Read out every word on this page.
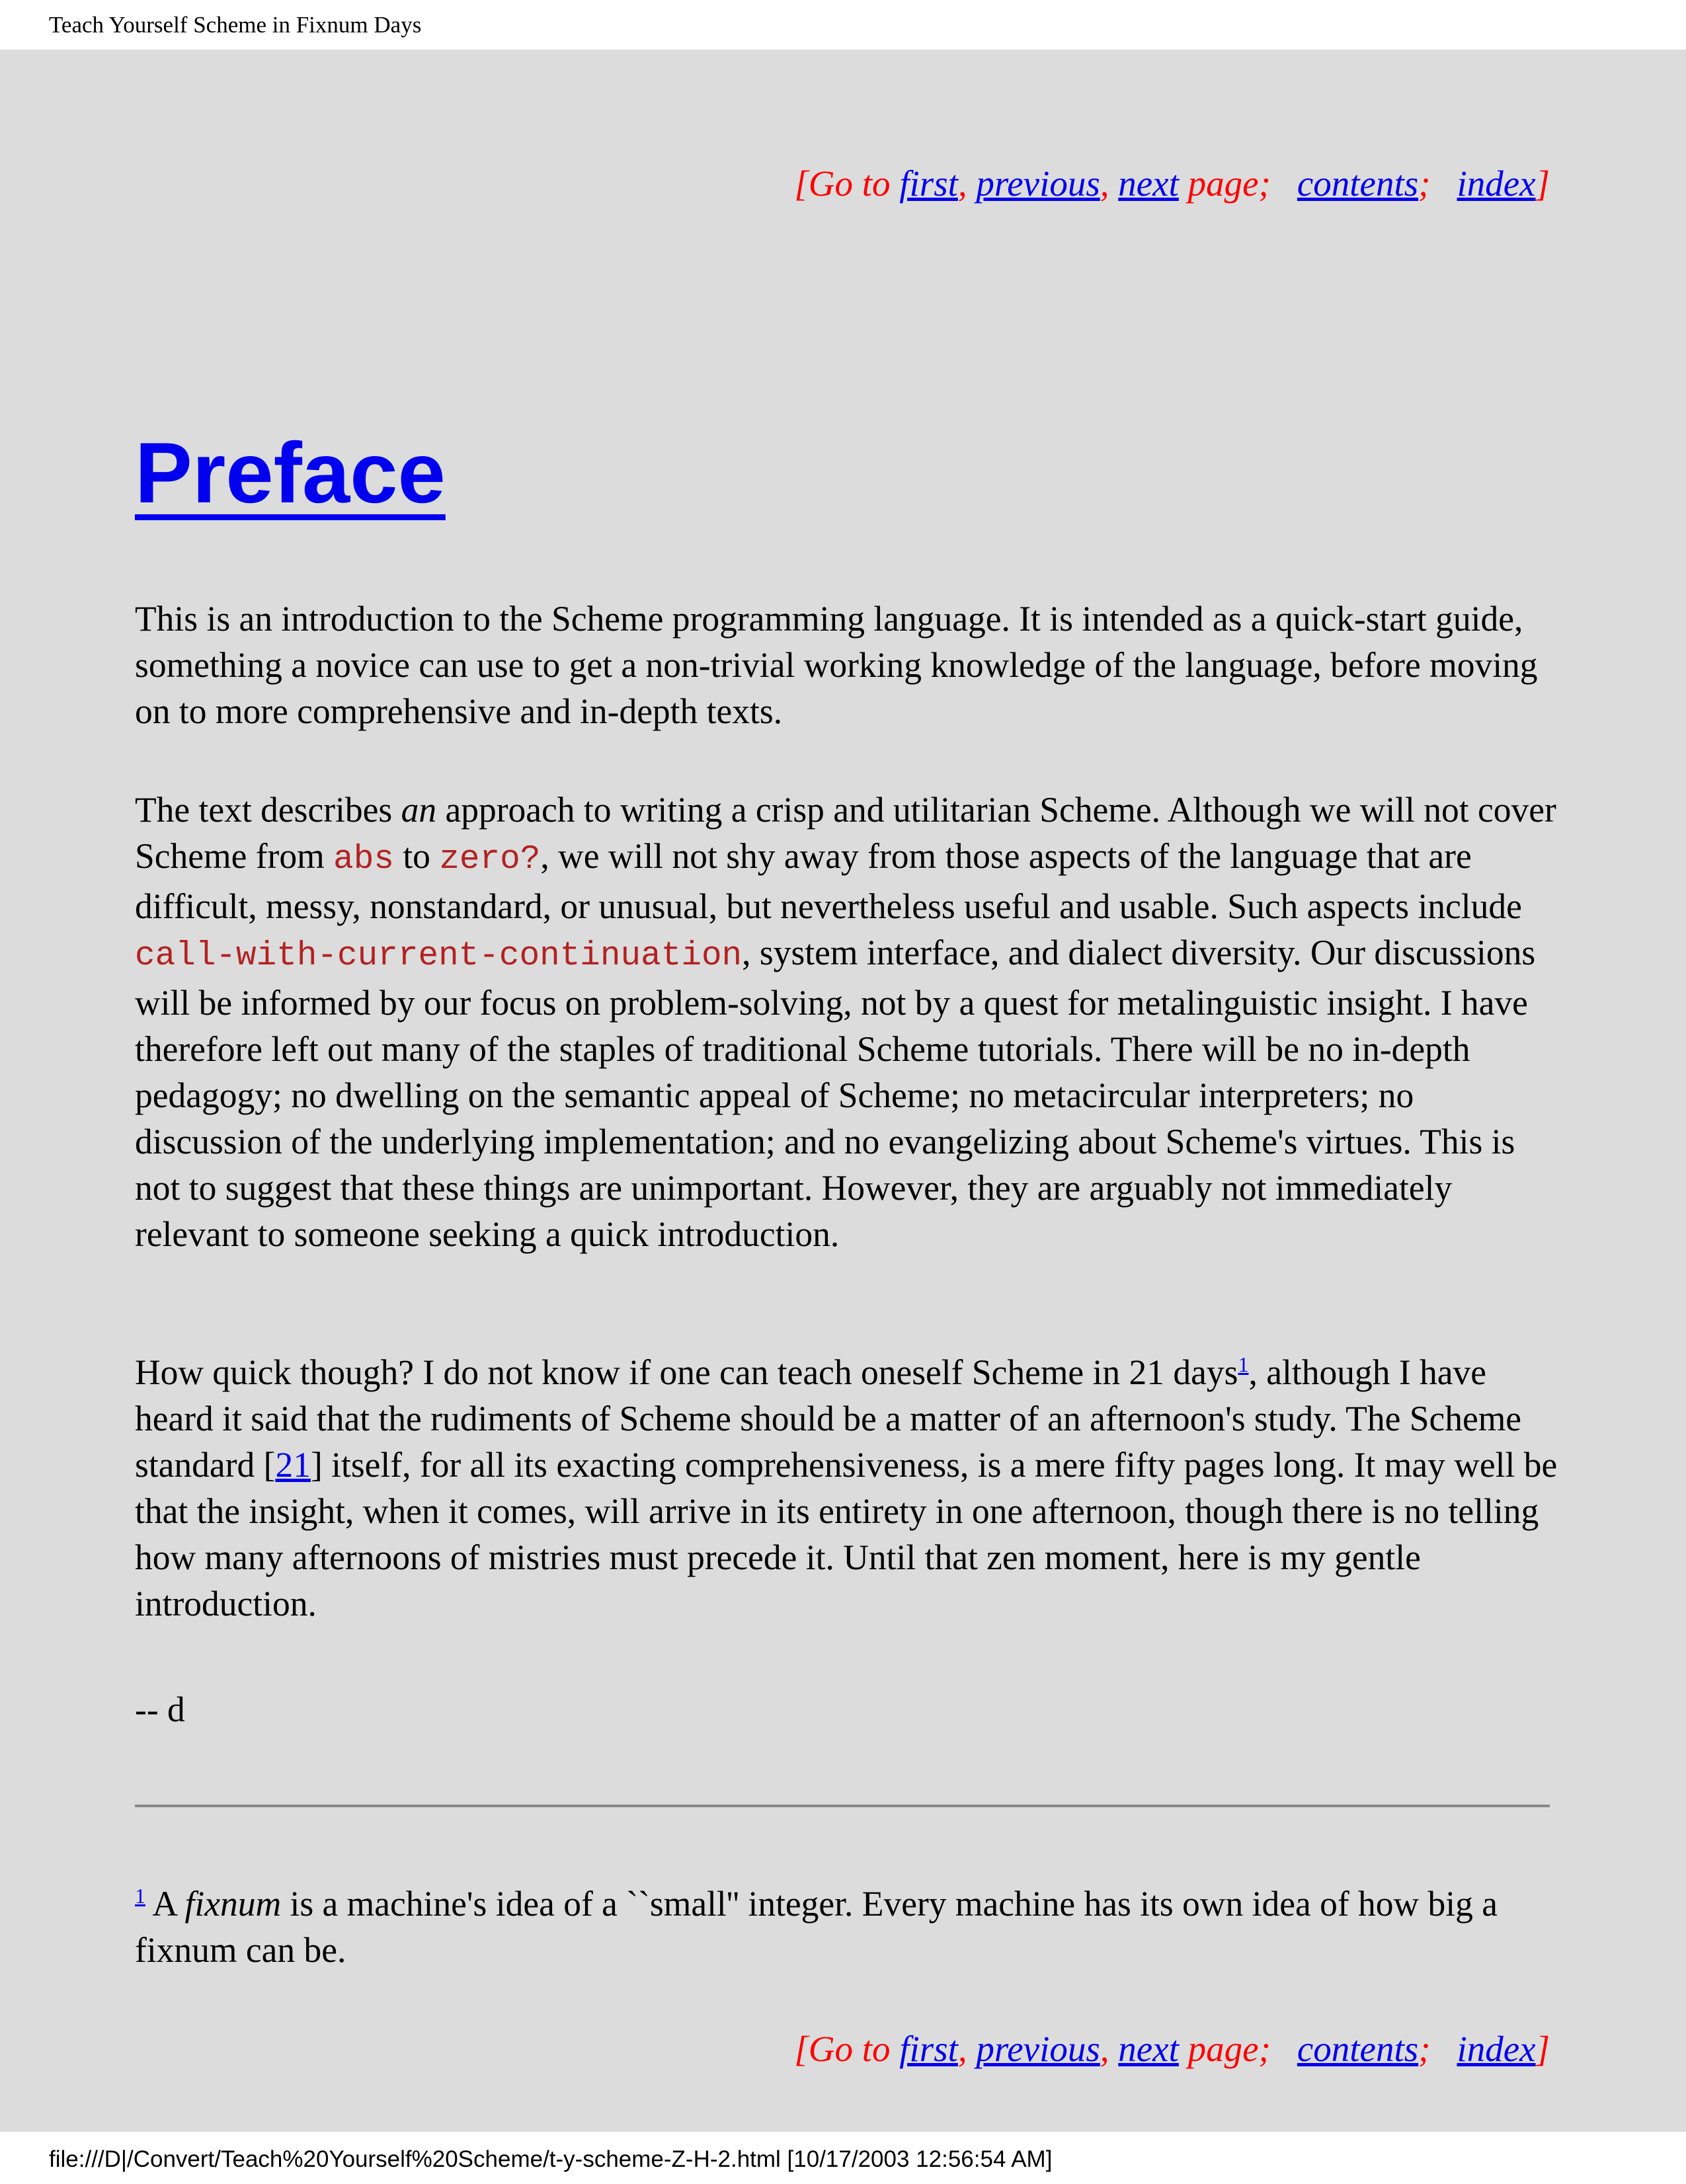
Teach Yourself Scheme in Fixnum Days
[Go to first, previous, next page; contents; index]
Preface

This is an introduction to the Scheme programming language. It is intended as a quick-start guide, something a novice can use to get a non-trivial working knowledge of the language, before moving on to more comprehensive and in-depth texts.

The text describes an approach to writing a crisp and utilitarian Scheme. Although we will not cover Scheme from abs to zero?, we will not shy away from those aspects of the language that are difficult, messy, nonstandard, or unusual, but nevertheless useful and usable. Such aspects include call-with-current-continuation, system interface, and dialect diversity. Our discussions will be informed by our focus on problem-solving, not by a quest for metalinguistic insight. I have therefore left out many of the staples of traditional Scheme tutorials. There will be no in-depth pedagogy; no dwelling on the semantic appeal of Scheme; no metacircular interpreters; no discussion of the underlying implementation; and no evangelizing about Scheme's virtues. This is not to suggest that these things are unimportant. However, they are arguably not immediately relevant to someone seeking a quick introduction.

How quick though? I do not know if one can teach oneself Scheme in 21 days$^1$, although I have heard it said that the rudiments of Scheme should be a matter of an afternoon's study. The Scheme standard [21] itself, for all its exacting comprehensiveness, is a mere fifty pages long. It may well be that the insight, when it comes, will arrive in its entirety in one afternoon, though there is no telling how many afternoons of mistries must precede it. Until that zen moment, here is my gentle introduction.

-- d

$^1$ A fixnum is a machine's idea of a ``small'' integer. Every machine has its own idea of how big a fixnum can be.

[Go to first, previous, next page; contents; index]
file:///D|/Convert/Teach%20Yourself%20Scheme/t-y-scheme-Z-H-2.html [10/17/2003 12:56:54 AM]
